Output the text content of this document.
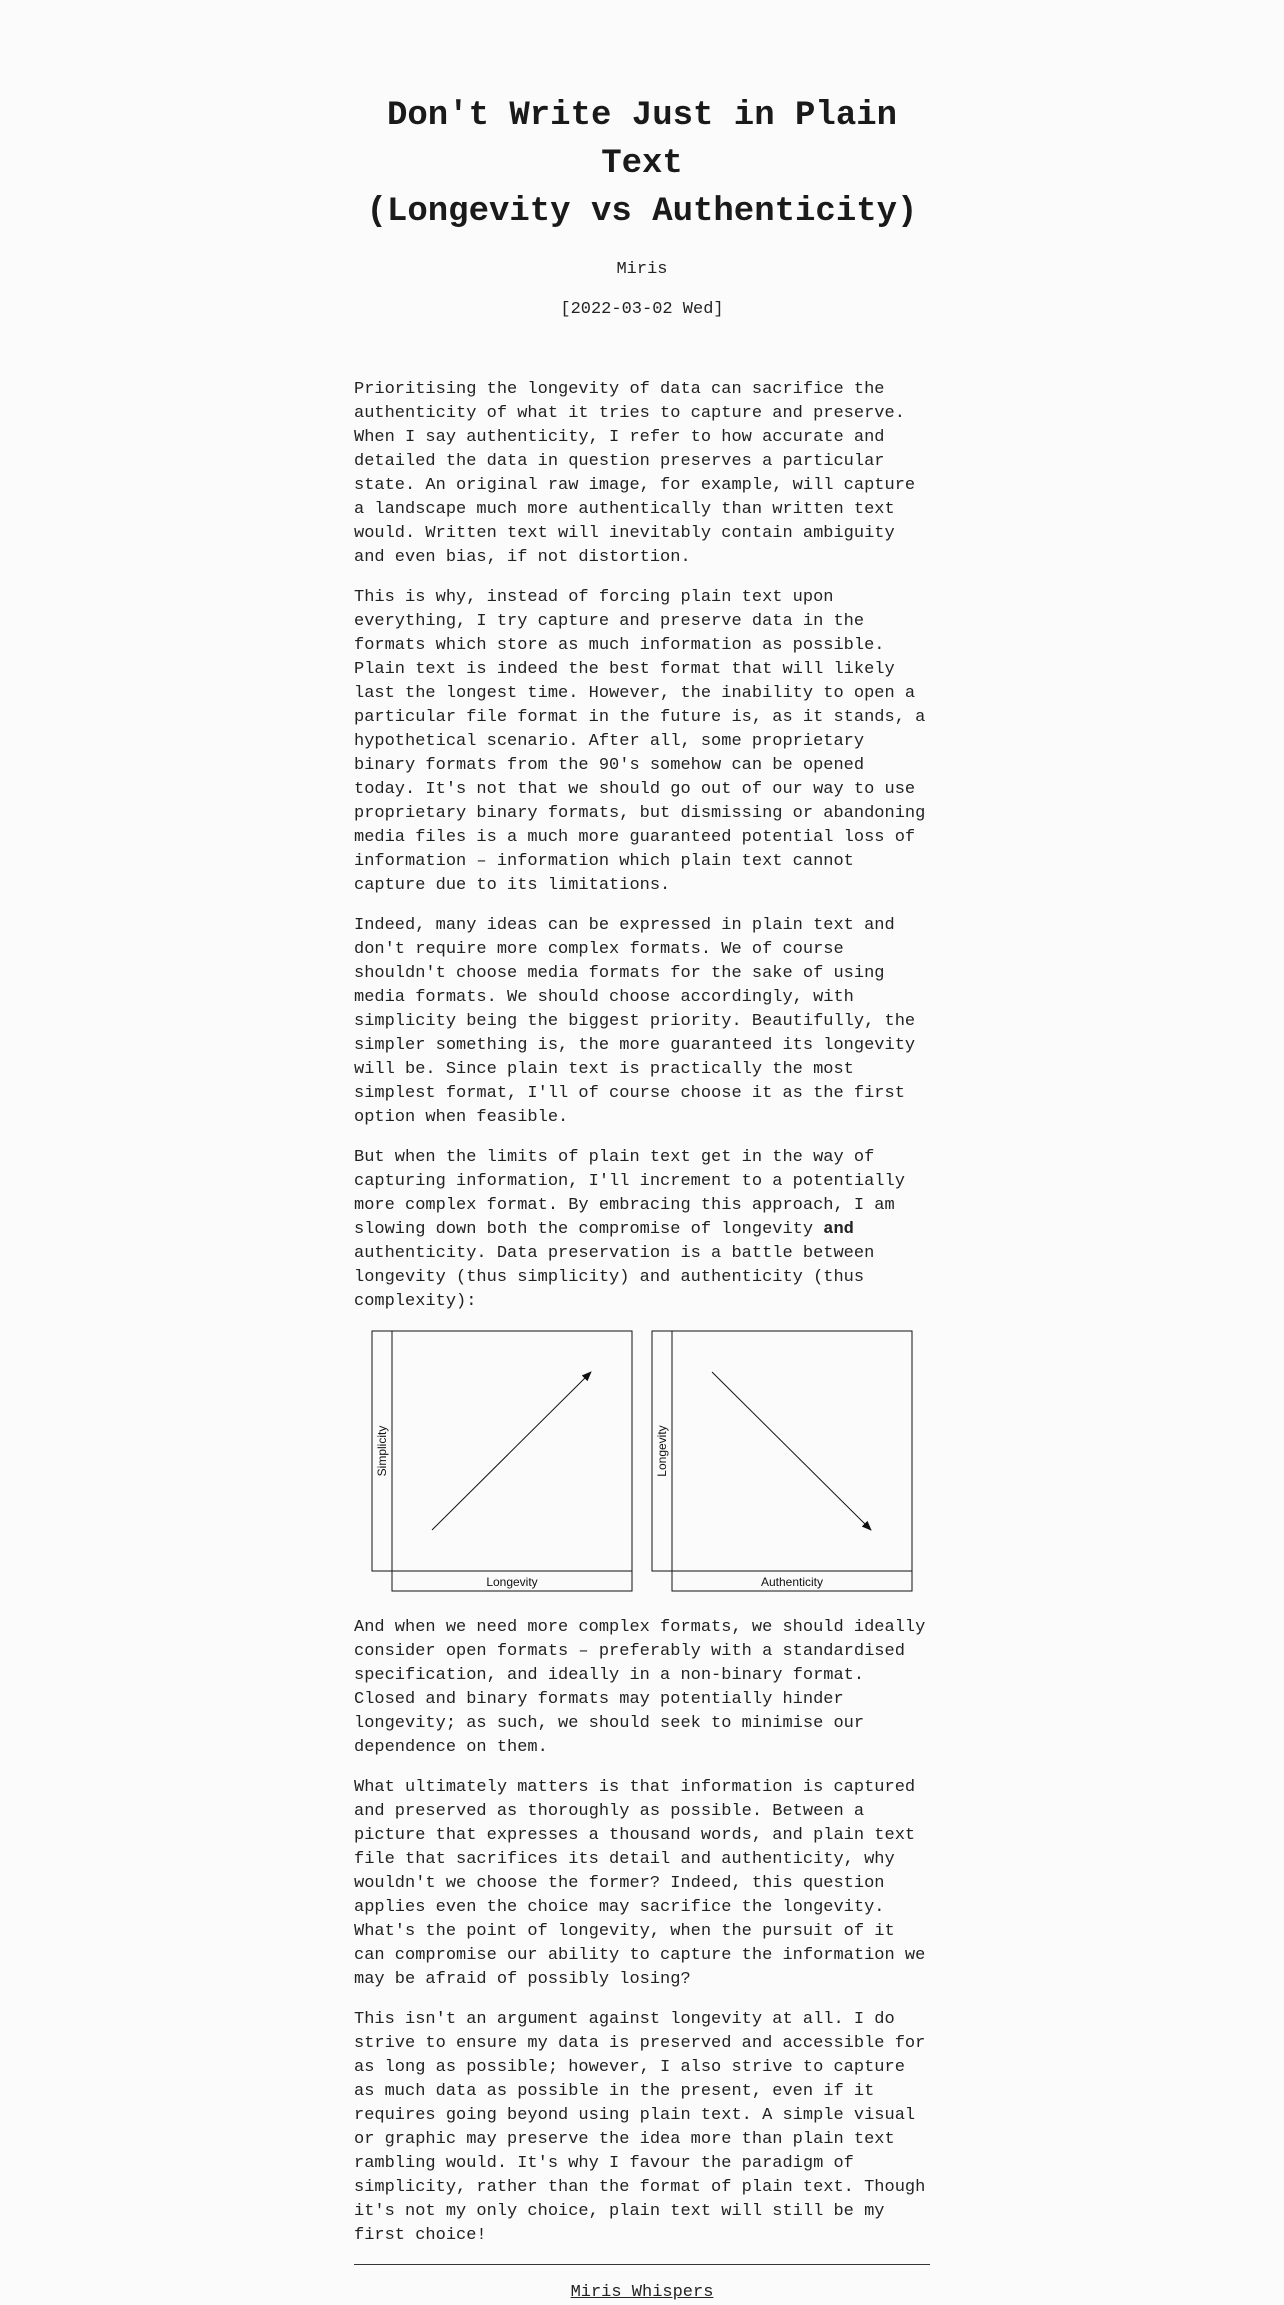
Don't Write Just in Plain Text
(Longevity vs Authenticity)
Miris
[2022-03-02 Wed]

Prioritising the longevity of data can sacrifice the authenticity of what it tries to capture and preserve. When I say authenticity, I refer to how accurate and detailed the data in question preserves a particular state. An original raw image, for example, will capture a landscape much more authentically than written text would. Written text will inevitably contain ambiguity and even bias, if not distortion.

This is why, instead of forcing plain text upon everything, I try capture and preserve data in the formats which store as much information as possible. Plain text is indeed the best format that will likely last the longest time. However, the inability to open a particular file format in the future is, as it stands, a hypothetical scenario. After all, some proprietary binary formats from the 90's somehow can be opened today. It's not that we should go out of our way to use proprietary binary formats, but dismissing or abandoning media files is a much more guaranteed potential loss of information – information which plain text cannot capture due to its limitations.

Indeed, many ideas can be expressed in plain text and don't require more complex formats. We of course shouldn't choose media formats for the sake of using media formats. We should choose accordingly, with simplicity being the biggest priority. Beautifully, the simpler something is, the more guaranteed its longevity will be. Since plain text is practically the most simplest format, I'll of course choose it as the first option when feasible.

But when the limits of plain text get in the way of capturing information, I'll increment to a potentially more complex format. By embracing this approach, I am slowing down both the compromise of longevity and authenticity. Data preservation is a battle between longevity (thus simplicity) and authenticity (thus complexity):

Simplicity
Longevity
Longevity
Authenticity

And when we need more complex formats, we should ideally consider open formats – preferably with a standardised specification, and ideally in a non-binary format. Closed and binary formats may potentially hinder longevity; as such, we should seek to minimise our dependence on them.

What ultimately matters is that information is captured and preserved as thoroughly as possible. Between a picture that expresses a thousand words, and plain text file that sacrifices its detail and authenticity, why wouldn't we choose the former? Indeed, this question applies even the choice may sacrifice the longevity. What's the point of longevity, when the pursuit of it can compromise our ability to capture the information we may be afraid of possibly losing?

This isn't an argument against longevity at all. I do strive to ensure my data is preserved and accessible for as long as possible; however, I also strive to capture as much data as possible in the present, even if it requires going beyond using plain text. A simple visual or graphic may preserve the idea more than plain text rambling would. It's why I favour the paradigm of simplicity, rather than the format of plain text. Though it's not my only choice, plain text will still be my first choice!

Miris Whispers
